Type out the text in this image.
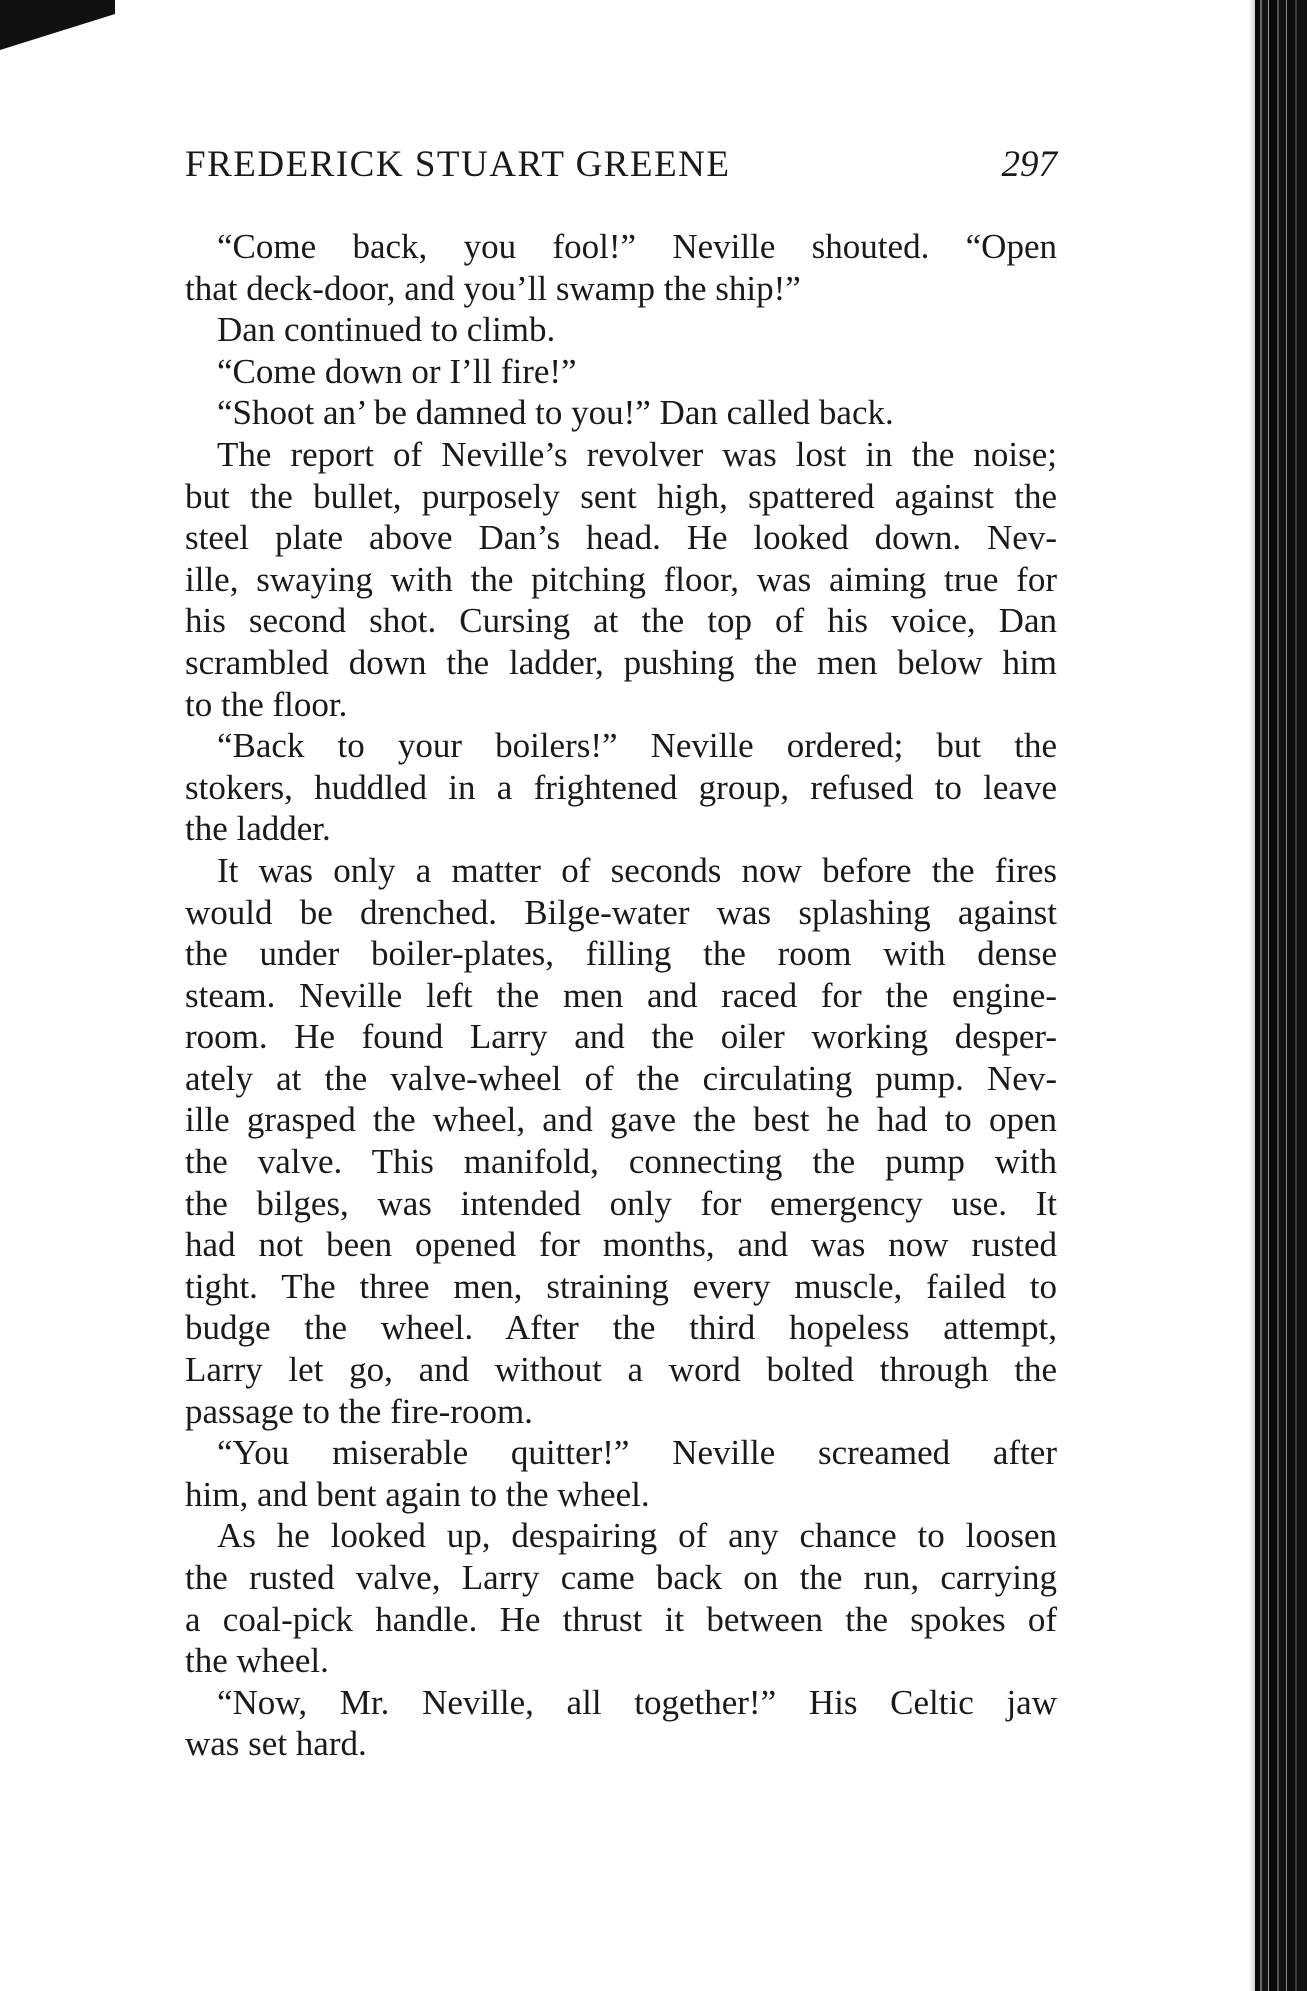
FREDERICK STUART GREENE	297
“Come back, you fool!” Neville shouted. “Open
that deck-door, and you’ll swamp the ship!”
Dan continued to climb.
“Come down or I’ll fire!”
“Shoot an’ be damned to you!” Dan called back.
The report of Neville’s revolver was lost in the noise;
but the bullet, purposely sent high, spattered against the
steel plate above Dan’s head. He looked down. Nev-
ille, swaying with the pitching floor, was aiming true for
his second shot. Cursing at the top of his voice, Dan
scrambled down the ladder, pushing the men below him
to the floor.
“Back to your boilers!” Neville ordered; but the
stokers, huddled in a frightened group, refused to leave
the ladder.
It was only a matter of seconds now before the fires
would be drenched. Bilge-water was splashing against
the under boiler-plates, filling the room with dense
steam. Neville left the men and raced for the engine-
room. He found Larry and the oiler working desper-
ately at the valve-wheel of the circulating pump. Nev-
ille grasped the wheel, and gave the best he had to open
the valve. This manifold, connecting the pump with
the bilges, was intended only for emergency use. It
had not been opened for months, and was now rusted
tight. The three men, straining every muscle, failed to
budge the wheel. After the third hopeless attempt,
Larry let go, and without a word bolted through the
passage to the fire-room.
“You miserable quitter!” Neville screamed after
him, and bent again to the wheel.
As he looked up, despairing of any chance to loosen
the rusted valve, Larry came back on the run, carrying
a coal-pick handle. He thrust it between the spokes of
the wheel.
“Now, Mr. Neville, all together!” His Celtic jaw
was set hard.
